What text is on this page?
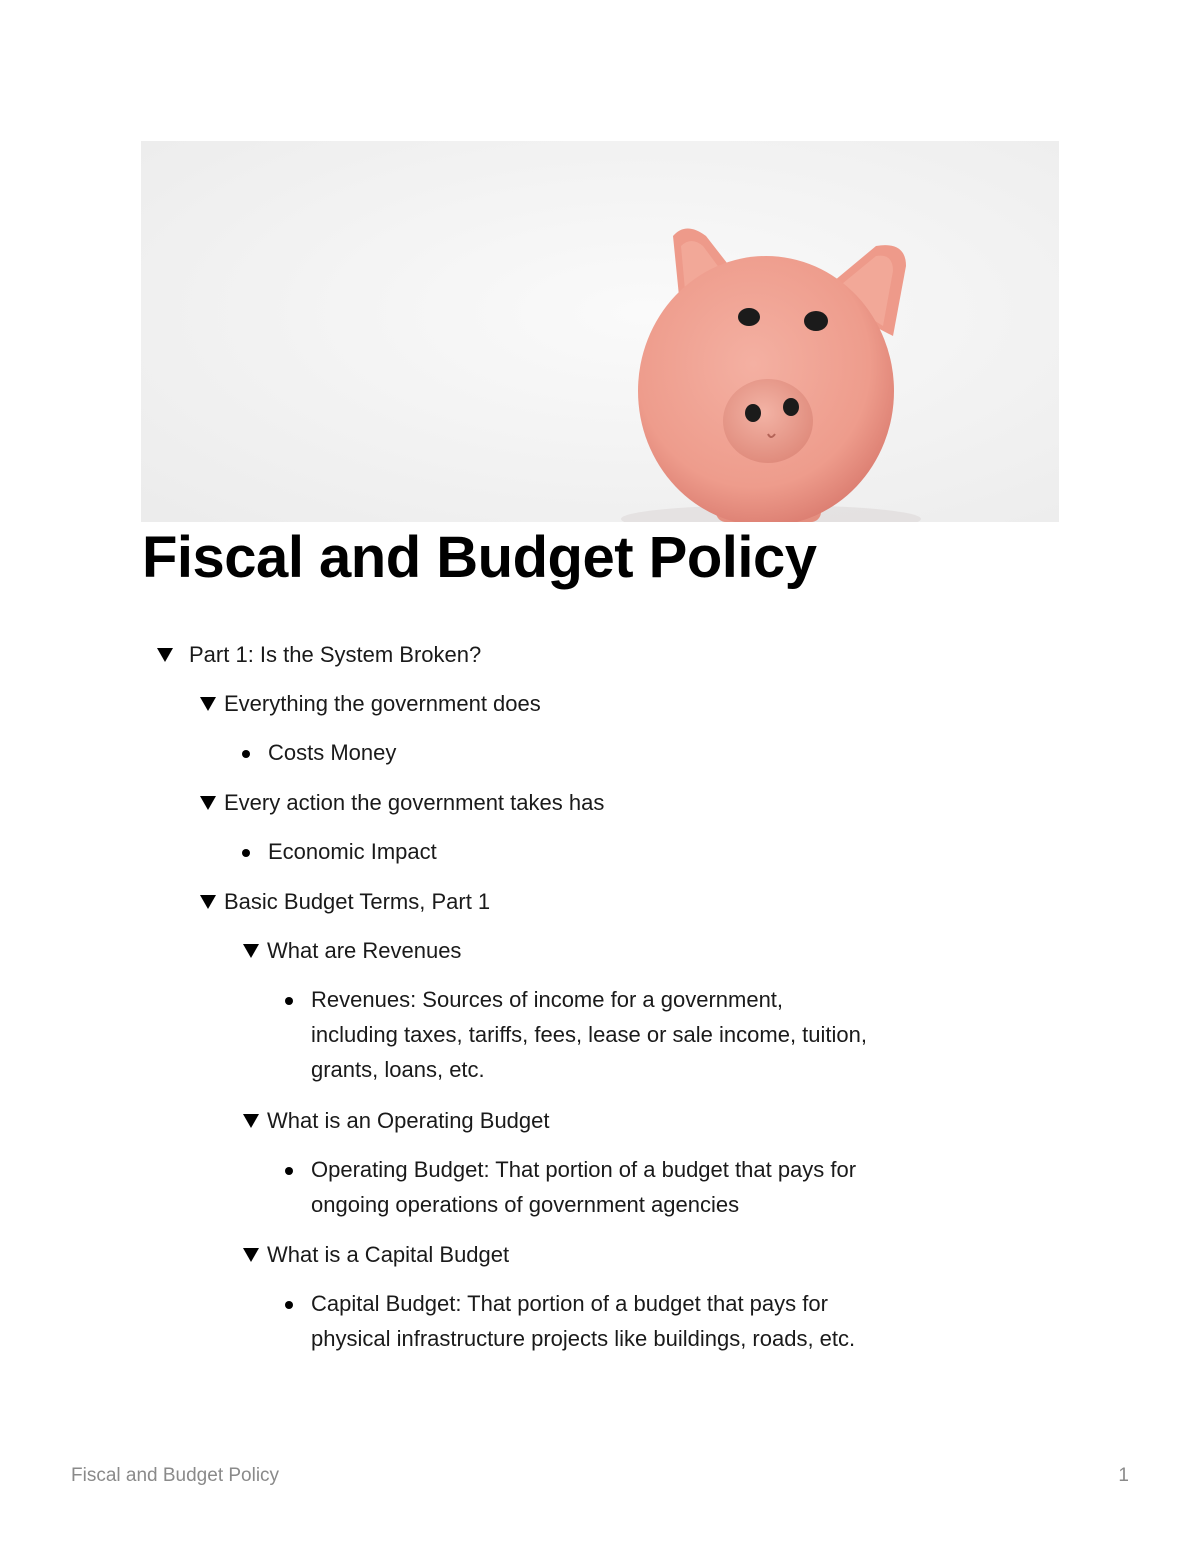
Fiscal and Budget Policy
Part 1: Is the System Broken?
Everything the government does
Costs Money
Every action the government takes has
Economic Impact
Basic Budget Terms, Part 1
What are Revenues
Revenues: Sources of income for a government, including taxes, tariffs, fees, lease or sale income, tuition, grants, loans, etc.
What is an Operating Budget
Operating Budget: That portion of a budget that pays for ongoing operations of government agencies
What is a Capital Budget
Capital Budget: That portion of a budget that pays for physical infrastructure projects like buildings, roads, etc.
Fiscal and Budget Policy	1
